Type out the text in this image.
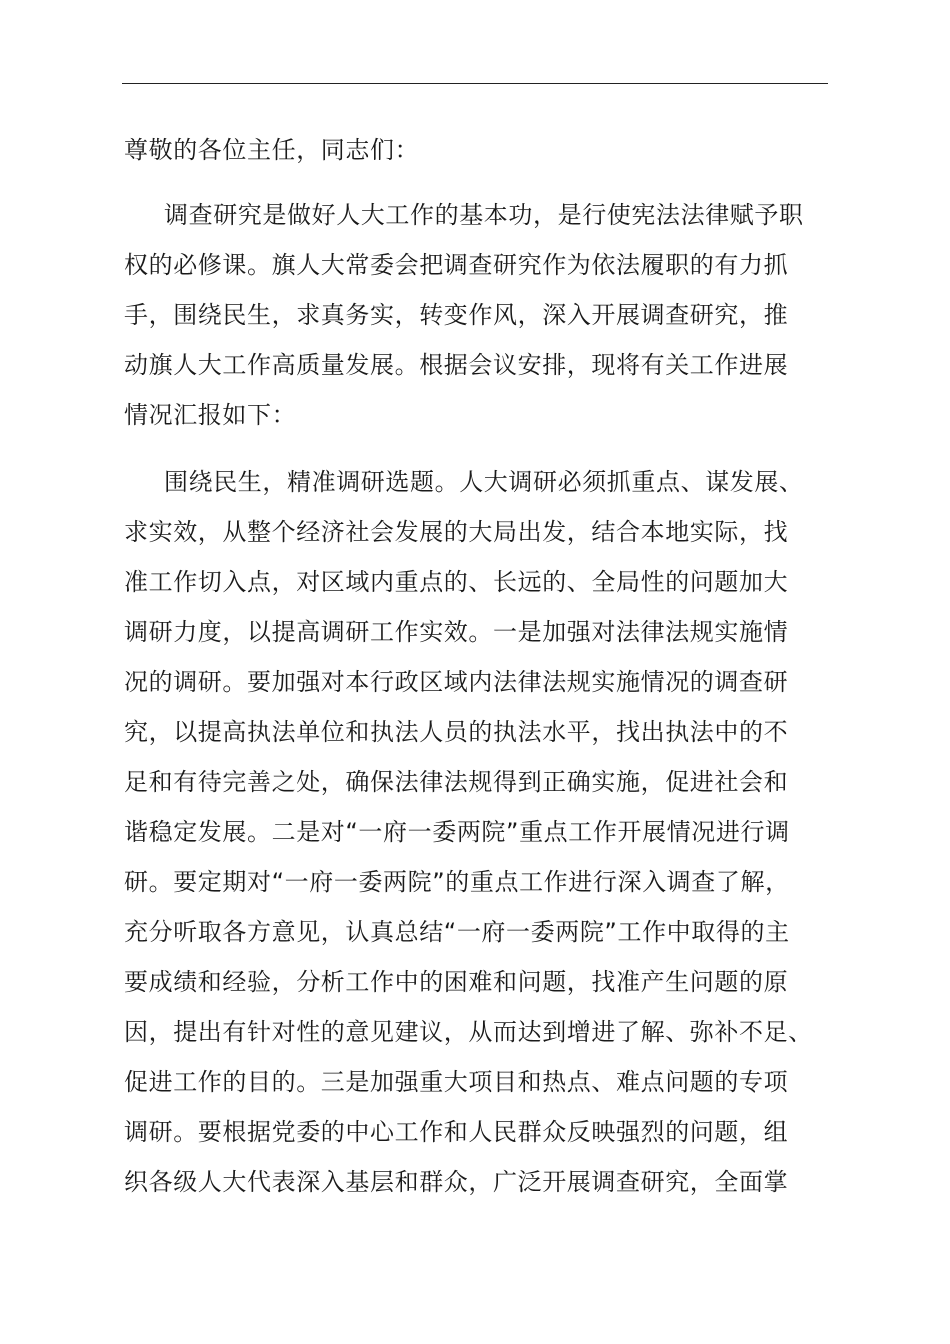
尊敬的各位主任，同志们：
调查研究是做好人大工作的基本功，是行使宪法法律赋予职
权的必修课。旗人大常委会把调查研究作为依法履职的有力抓
手，围绕民生，求真务实，转变作风，深入开展调查研究，推
动旗人大工作高质量发展。根据会议安排，现将有关工作进展
情况汇报如下：
围绕民生，精准调研选题。人大调研必须抓重点、谋发展、
求实效，从整个经济社会发展的大局出发，结合本地实际，找
准工作切入点，对区域内重点的、长远的、全局性的问题加大
调研力度，以提高调研工作实效。一是加强对法律法规实施情
况的调研。要加强对本行政区域内法律法规实施情况的调查研
究，以提高执法单位和执法人员的执法水平，找出执法中的不
足和有待完善之处，确保法律法规得到正确实施，促进社会和
谐稳定发展。二是对“一府一委两院”重点工作开展情况进行调
研。要定期对“一府一委两院”的重点工作进行深入调查了解，
充分听取各方意见，认真总结“一府一委两院”工作中取得的主
要成绩和经验，分析工作中的困难和问题，找准产生问题的原
因，提出有针对性的意见建议，从而达到增进了解、弥补不足、
促进工作的目的。三是加强重大项目和热点、难点问题的专项
调研。要根据党委的中心工作和人民群众反映强烈的问题，组
织各级人大代表深入基层和群众，广泛开展调查研究，全面掌
